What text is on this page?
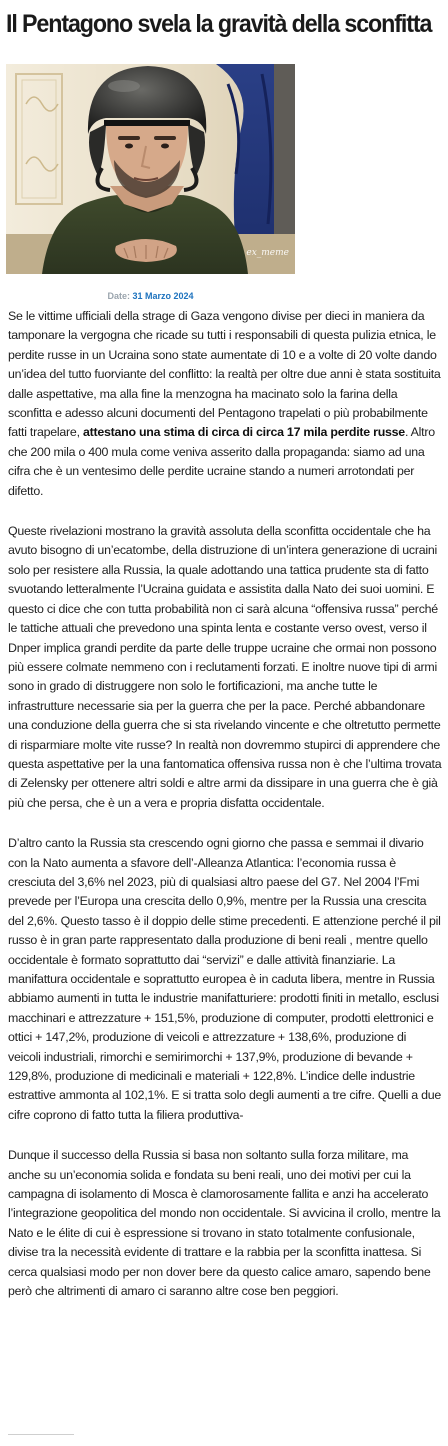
Il Pentagono svela la gravità della sconfitta
ex_meme
Date: 31 Marzo 2024

Se le vittime ufficiali della strage di Gaza vengono divise per dieci in maniera da tamponare la vergogna che ricade su tutti i responsabili di questa pulizia etnica, le perdite russe in un Ucraina sono state aumentate di 10 e a volte di 20 volte dando un’idea del tutto fuorviante del conflitto: la realtà per oltre due anni è stata sostituita dalle aspettative, ma alla fine la menzogna ha macinato solo la farina della sconfitta e adesso alcuni documenti del Pentagono trapelati o più probabilmente fatti trapelare, attestano una stima di circa di circa 17 mila perdite russe. Altro che 200 mila o 400 mula come veniva asserito dalla propaganda: siamo ad una cifra che è un ventesimo delle perdite ucraine stando a numeri arrotondati per difetto.

Queste rivelazioni mostrano la gravità assoluta della sconfitta occidentale che ha avuto bisogno di un’ecatombe, della distruzione di un’intera generazione di ucraini solo per resistere alla Russia, la quale adottando una tattica prudente sta di fatto svuotando letteralmente l’Ucraina guidata e assistita dalla Nato dei suoi uomini. E questo ci dice che con tutta probabilità non ci sarà alcuna “offensiva russa” perché le tattiche attuali che prevedono una spinta lenta e costante verso ovest, verso il Dnper implica grandi perdite da parte delle truppe ucraine che ormai non possono più essere colmate nemmeno con i reclutamenti forzati. E inoltre nuove tipi di armi sono in grado di distruggere non solo le fortificazioni, ma anche tutte le infrastrutture necessarie sia per la guerra che per la pace. Perché abbandonare una conduzione della guerra che si sta rivelando vincente e che oltretutto permette di risparmiare molte vite russe? In realtà non dovremmo stupirci di apprendere che questa aspettative per la una fantomatica offensiva russa non è che l’ultima trovata di Zelensky per ottenere altri soldi e altre armi da dissipare in una guerra che è già più che persa, che è un a vera e propria disfatta occidentale.

D’altro canto la Russia sta crescendo ogni giorno che passa e semmai il divario con la Nato aumenta a sfavore dell’-Alleanza Atlantica: l’economia russa è cresciuta del 3,6% nel 2023, più di qualsiasi altro paese del G7. Nel 2004 l’Fmi prevede per l’Europa una crescita dello 0,9%, mentre per la Russia una crescita del 2,6%. Questo tasso è il doppio delle stime precedenti. E attenzione perché il pil russo è in gran parte rappresentato dalla produzione di beni reali , mentre quello occidentale è formato soprattutto dai “servizi” e dalle attività finanziarie. La manifattura occidentale e soprattutto europea è in caduta libera, mentre in Russia abbiamo aumenti in tutta le industrie manifatturiere: prodotti finiti in metallo, esclusi macchinari e attrezzature + 151,5%, produzione di computer, prodotti elettronici e ottici + 147,2%, produzione di veicoli e attrezzature + 138,6%, produzione di veicoli industriali, rimorchi e semirimorchi + 137,9%, produzione di bevande + 129,8%, produzione di medicinali e materiali + 122,8%. L’indice delle industrie estrattive ammonta al 102,1%. E si tratta solo degli aumenti a tre cifre. Quelli a due cifre coprono di fatto tutta la filiera produttiva-

Dunque il successo della Russia si basa non soltanto sulla forza militare, ma anche su un’economia solida e fondata su beni reali, uno dei motivi per cui la campagna di isolamento di Mosca è clamorosamente fallita e anzi ha accelerato l’integrazione geopolitica del mondo non occidentale. Si avvicina il crollo, mentre la Nato e le élite di cui è espressione si trovano in stato totalmente confusionale, divise tra la necessità evidente di trattare e la rabbia per la sconfitta inattesa. Si cerca qualsiasi modo per non dover bere da questo calice amaro, sapendo bene però che altrimenti di amaro ci saranno altre cose ben peggiori.
